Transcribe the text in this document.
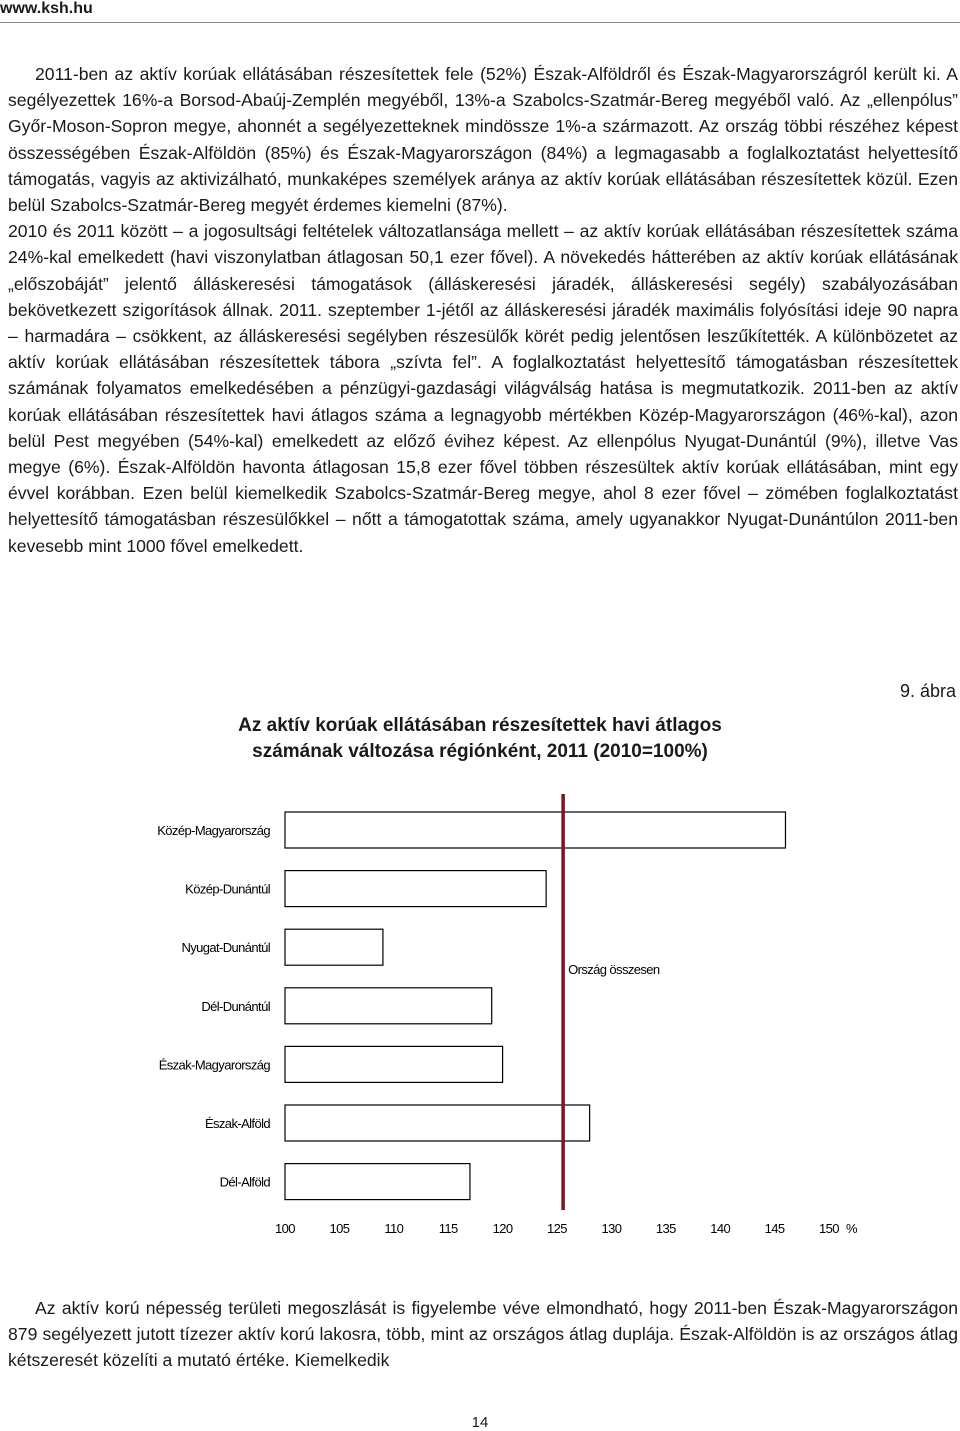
www.ksh.hu

2011-ben az aktív korúak ellátásában részesítettek fele (52%) Észak-Alföldről és Észak-Magyarországról került ki. A segélyezettek 16%-a Borsod-Abaúj-Zemplén megyéből, 13%-a Szabolcs-Szatmár-Bereg megyéből való. Az „ellenpólus” Győr-Moson-Sopron megye, ahonnét a segélyezetteknek mindössze 1%-a származott. Az ország többi részéhez képest összességében Észak-Alföldön (85%) és Észak-Magyarországon (84%) a legmagasabb a foglalkoztatást helyettesítő támogatás, vagyis az aktivizálható, munkaképes személyek aránya az aktív korúak ellátásában részesítettek közül. Ezen belül Szabolcs-Szatmár-Bereg megyét érdemes kiemelni (87%).

2010 és 2011 között – a jogosultsági feltételek változatlansága mellett – az aktív korúak ellátásában részesítettek száma 24%-kal emelkedett (havi viszonylatban átlagosan 50,1 ezer fővel). A növekedés hátterében az aktív korúak ellátásának „előszobáját” jelentő álláskeresési támogatások (álláskeresési járadék, álláskeresési segély) szabályozásában bekövetkezett szigorítások állnak. 2011. szeptember 1-jétől az álláskeresési járadék maximális folyósítási ideje 90 napra – harmadára – csökkent, az álláskeresési segélyben részesülők körét pedig jelentősen leszűkítették. A különbözetet az aktív korúak ellátásában részesítettek tábora „szívta fel”. A foglalkoztatást helyettesítő támogatásban részesítettek számának folyamatos emelkedésében a pénzügyi-gazdasági világválság hatása is megmutatkozik. 2011-ben az aktív korúak ellátásában részesítettek havi átlagos száma a legnagyobb mértékben Közép-Magyarországon (46%-kal), azon belül Pest megyében (54%-kal) emelkedett az előző évihez képest. Az ellenpólus Nyugat-Dunántúl (9%), illetve Vas megye (6%). Észak-Alföldön havonta átlagosan 15,8 ezer fővel többen részesültek aktív korúak ellátásában, mint egy évvel korábban. Ezen belül kiemelkedik Szabolcs-Szatmár-Bereg megye, ahol 8 ezer fővel – zömében foglalkoztatást helyettesítő támogatásban részesülőkkel – nőtt a támogatottak száma, amely ugyanakkor Nyugat-Dunántúlon 2011-ben kevesebb mint 1000 fővel emelkedett.

9. ábra
Az aktív korúak ellátásában részesítettek havi átlagos
számának változása régiónként, 2011 (2010=100%)
Közép-Magyarország
Közép-Dunántúl
Nyugat-Dunántúl
Dél-Dunántúl
Észak-Magyarország
Észak-Alföld
Dél-Alföld
100	105	110	115	120	125	130	135	140	145	150 %
Ország összesen

Az aktív korú népesség területi megoszlását is figyelembe véve elmondható, hogy 2011-ben Észak-Magyarországon 879 segélyezett jutott tízezer aktív korú lakosra, több, mint az országos átlag duplája. Észak-Alföldön is az országos átlag kétszeresét közelíti a mutató értéke. Kiemelkedik

14
